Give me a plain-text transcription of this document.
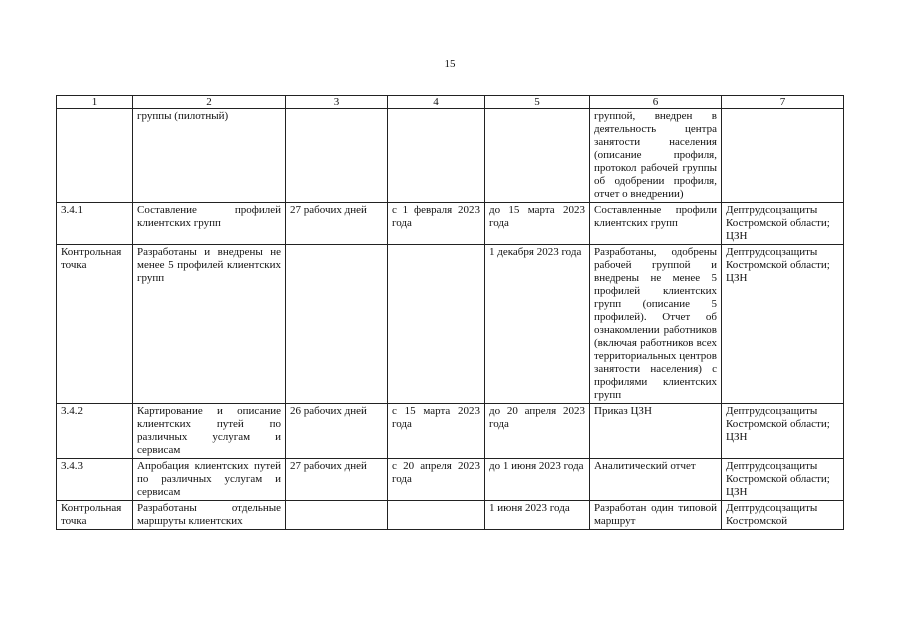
15
1	2	3	4	5	6	7

	группы (пилотный)				группой, внедрен в деятельность центра занятости населения (описание профиля, протокол рабочей группы об одобрении профиля, отчет о внедрении)	

3.4.1	Составление профилей клиентских групп	27 рабочих дней	с 1 февраля 2023 года	до 15 марта 2023 года	Составленные профили клиентских групп	Дептрудсоцзащиты Костромской области; ЦЗН
Контрольная точка	Разработаны и внедрены не менее 5 профилей клиентских групп			1 декабря 2023 года	Разработаны, одобрены рабочей группой и внедрены не менее 5 профилей клиентских групп (описание 5 профилей). Отчет об ознакомлении работников (включая работников всех территориальных центров занятости населения) с профилями клиентских групп	Дептрудсоцзащиты Костромской области; ЦЗН
3.4.2	Картирование и описание клиентских путей по различных услугам и сервисам	26 рабочих дней	с 15 марта 2023 года	до 20 апреля 2023 года	Приказ ЦЗН	Дептрудсоцзащиты Костромской области; ЦЗН
3.4.3	Апробация клиентских путей по различных услугам и сервисам	27 рабочих дней	с 20 апреля 2023 года	до 1 июня 2023 года	Аналитический отчет	Дептрудсоцзащиты Костромской области; ЦЗН

Контрольная точка	Разработаны отдельные маршруты клиентских			1 июня 2023 года	Разработан один типовой маршрут	Дептрудсоцзащиты Костромской
